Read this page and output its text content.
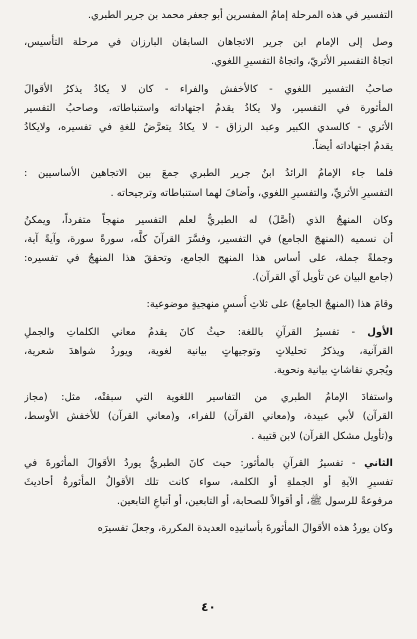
التفسير في هذه المرحلة إمامُ المفسرين أبو جعفر محمد بن جرير الطبري.
وصل إلى الإمام ابن جرير الاتجاهان السابقان البارزان في مرحلة التأسيس،
اتجاهُ التفسير الأثريّ، واتجاهُ التفسيرِ اللغوي.
صاحبُ التفسير اللغوي - كالأخفش والفراء - كان لا يكادُ يذكرُ الأقوالَ
المأثورة في التفسير، ولا يكادُ يقدمُ اجتهاداته واستنباطاته، وصاحبُ التفسير
الأثري - كالسدي الكبير وعبد الرزاق - لا يكادُ يتعرَّضُ للغةِ في تفسيره، ولايكادُ
يقدمُ اجتهاداته أيضاً.
فلما جاء الإمامُ الرائدُ ابنُ جرير الطبري جمعَ بين الاتجاهين الأساسيين :
التفسيرِ الأثريِّ، والتفسيرِ اللغوي، وأضافَ لهما استنباطاته وترجيحاته .
وكان المنهجُ الذي (أصَّلَ) له الطبريُّ لعلم التفسير منهجاً متفرداً، ويمكنُ
أن نسميه (المنهجَ الجامع) في التفسير، وفسَّرَ القرآنَ كلَّه، سورةً سورة، وآيةً آية،
وجملةً جملة، على أساس هذا المنهج الجامع، وتحققَ هذا المنهجُ في تفسيره:
(جامع البيان عن تأويل آي القرآن).
وقامَ هذا (المنهجُ الجامعُ) على ثلاثِ أُسسٍ منهجيةٍ موضوعية:
الأول - تفسيرُ القرآنِ باللغة: حيثُ كانَ يقدمُ معاني الكلماتِ والجملِ
القرآنية، ويذكرُ تحليلاتٍ وتوجيهاتٍ بيانية لغوية، ويوردُ شواهدَ شعرية،
ويُجري نقاشاتٍ بيانية ونحوية.
واستفادَ الإمامُ الطبري من التفاسير اللغوية التي سبقتْه، مثل: (مجاز
القرآن) لأبي عبيدة، و(معاني القرآن) للفراء، و(معاني القرآن) للأخفش الأوسط،
و(تأويل مشكل القرآن) لابن قتيبة .
الثاني - تفسيرُ القرآنِ بالمأثور: حيث كانَ الطبريُّ يوردُ الأقوالَ المأثورةَ في
تفسيرِ الآيةِ أو الجملةِ أو الكلمة، سواء كانت تلك الأقوالُ المأثورةُ أحاديثَ
مرفوعةً للرسول ﷺ، أو أقوالاً للصحابة، أو التابعين، أو أتباعِ التابعين.
وكان يوردُ هذه الأقوالَ المأثورةَ بأسانيدِه العديدة المكررة، وجعلَ تفسيرَه
٤٠
